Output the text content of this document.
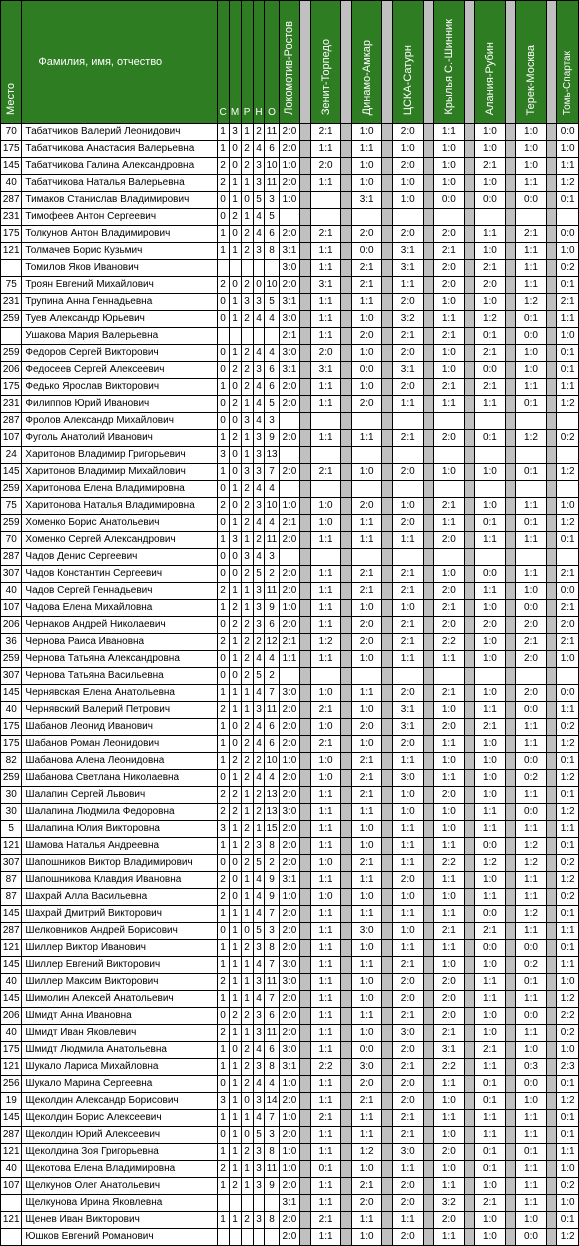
Место	Фамилия, имя, отчество	С	М	Р	Н	О	Локомотив-Ростов		Зенит-Торпедо		Динамо-Амкар		ЦСКА-Сатурн		Крылья С.-Шинник		Алания-Рубин		Терек-Москва		Томь-Спартак
70	Табатчиков Валерий Леонидович	1	3	1	2	11	2:0		2:1		1:0		2:0		1:1		1:0		1:0		0:0
175	Табатчикова Анастасия Валерьевна	1	0	2	4	6	2:0		1:1		1:1		1:0		1:0		1:0		1:0		1:0
145	Табатчикова Галина Александровна	2	0	2	3	10	1:0		2:0		1:0		2:0		1:0		2:1		1:0		1:1
40	Табатчикова Наталья Валерьевна	2	1	1	3	11	2:0		1:1		1:0		1:0		1:0		1:0		1:1		1:2
287	Тимаков Станислав Владимирович	0	1	0	5	3	1:0				3:1		1:0		0:0		0:0		0:0		0:1
231	Тимофеев Антон Сергеевич	0	2	1	4	5															
175	Толкунов Антон Владимирович	1	0	2	4	6	2:0		2:1		2:0		2:0		2:0		1:1		2:1		0:0
121	Толмачев Борис Кузьмич	1	1	2	3	8	3:1		1:1		0:0		3:1		2:1		1:0		1:1		1:0
	Томилов Яков Иванович						3:0		1:1		2:1		3:1		2:0		2:1		1:1		0:2
75	Троян Евгений Михайлович	2	0	2	0	10	2:0		3:1		2:1		1:1		2:0		2:0		1:1		0:1
231	Трупина Анна Геннадьевна	0	1	3	3	5	3:1		1:1		1:1		2:0		1:0		1:0		1:2		2:1
259	Туев Александр Юрьевич	0	1	2	4	4	3:0		1:1		1:0		3:2		1:1		1:2		0:1		1:1
	Ушакова Мария Валерьевна						2:1		1:1		2:0		2:1		2:1		0:1		0:0		1:0
259	Федоров Сергей Викторович	0	1	2	4	4	3:0		2:0		1:0		2:0		1:0		2:1		1:0		0:1
206	Федосеев Сергей Алексеевич	0	2	2	3	6	3:1		3:1		0:0		3:1		1:0		0:0		1:0		0:1
175	Федько Ярослав Викторович	1	0	2	4	6	2:0		1:1		1:0		2:0		2:1		2:1		1:1		1:1
231	Филиппов Юрий Иванович	0	2	1	4	5	2:0		1:1		2:0		1:1		1:1		1:1		0:1		1:2
287	Фролов Александр Михайлович	0	0	3	4	3															
107	Фуголь Анатолий Иванович	1	2	1	3	9	2:0		1:1		1:1		2:1		2:0		0:1		1:2		0:2
24	Харитонов Владимир Григорьевич	3	0	1	3	13															
145	Харитонов Владимир Михайлович	1	0	3	3	7	2:0		2:1		1:0		2:0		1:0		1:0		0:1		1:2
259	Харитонова Елена Владимировна	0	1	2	4	4															
75	Харитонова Наталья Владимировна	2	0	2	3	10	1:0		1:0		2:0		1:0		2:1		1:0		1:1		1:0
259	Хоменко Борис Анатольевич	0	1	2	4	4	2:1		1:0		1:1		2:0		1:1		0:1		0:1		1:2
70	Хоменко Сергей Александрович	1	3	1	2	11	2:0		1:1		1:1		1:1		2:0		1:1		1:1		0:1
287	Чадов Денис Сергеевич	0	0	3	4	3															
307	Чадов Константин Сергеевич	0	0	2	5	2	2:0		1:1		2:1		2:1		1:0		0:0		1:1		2:1
40	Чадов Сергей Геннадьевич	2	1	1	3	11	2:0		1:1		2:1		2:1		2:0		1:1		1:0		0:0
107	Чадова Елена Михайловна	1	2	1	3	9	1:0		1:1		1:0		1:0		2:1		1:0		0:0		2:1
206	Чернаков Андрей Николаевич	0	2	2	3	6	2:0		1:1		2:0		2:1		2:0		2:0		2:0		2:0
36	Чернова Раиса Ивановна	2	1	2	2	12	2:1		1:2		2:0		2:1		2:2		1:0		2:1		2:1
259	Чернова Татьяна Александровна	0	1	2	4	4	1:1		1:1		1:0		1:1		1:1		1:0		2:0		1:0
307	Чернова Татьяна Васильевна	0	0	2	5	2															
145	Чернявская Елена Анатольевна	1	1	1	4	7	3:0		1:0		1:1		2:0		2:1		1:0		2:0		0:0
40	Чернявский Валерий Петрович	2	1	1	3	11	2:0		2:1		1:0		3:1		1:0		1:1		0:0		1:1
175	Шабанов Леонид Иванович	1	0	2	4	6	2:0		1:0		2:0		3:1		2:0		2:1		1:1		0:2
175	Шабанов Роман Леонидович	1	0	2	4	6	2:0		2:1		1:0		2:0		1:1		1:0		1:1		1:2
82	Шабанова Алена Леонидовна	1	2	2	2	10	1:0		1:0		2:1		1:1		1:0		1:0		0:0		0:1
259	Шабанова Светлана Николаевна	0	1	2	4	4	2:0		1:0		2:1		3:0		1:1		1:0		0:2		1:2
30	Шалапин Сергей Львович	2	2	1	2	13	2:0		1:1		2:1		1:0		2:0		1:0		1:1		0:1
30	Шалапина Людмила Федоровна	2	2	1	2	13	3:0		1:1		1:1		1:0		1:0		1:1		0:0		1:2
5	Шалапина Юлия Викторовна	3	1	2	1	15	2:0		1:1		1:0		1:1		1:0		1:1		1:1		1:1
121	Шамова Наталья Андреевна	1	1	2	3	8	2:0		1:1		1:0		1:1		1:1		0:0		1:2		0:1
307	Шапошников Виктор Владимирович	0	0	2	5	2	2:0		1:0		2:1		1:1		2:2		1:2		1:2		0:2
87	Шапошникова Клавдия Ивановна	2	0	1	4	9	3:1		1:1		1:1		2:0		1:1		1:0		1:1		1:2
87	Шахрай Алла Васильевна	2	0	1	4	9	1:0		1:0		1:0		1:0		1:0		1:1		1:1		0:2
145	Шахрай Дмитрий Викторович	1	1	1	4	7	2:0		1:1		1:1		1:1		1:1		0:0		1:2		0:1
287	Шелковников Андрей Борисович	0	1	0	5	3	2:0		1:1		3:0		1:0		2:1		2:1		1:1		1:1
121	Шиллер Виктор Иванович	1	1	2	3	8	2:0		1:1		1:0		1:1		1:1		0:0		0:0		0:1
145	Шиллер Евгений Викторович	1	1	1	4	7	3:0		1:1		1:1		2:1		1:0		1:0		0:2		1:1
40	Шиллер Максим Викторович	2	1	1	3	11	3:0		1:1		1:0		2:0		2:0		1:1		0:1		1:0
145	Шимолин Алексей Анатольевич	1	1	1	4	7	2:0		1:1		1:0		2:0		2:0		1:1		1:1		1:2
206	Шмидт Анна Ивановна	0	2	2	3	6	2:0		1:1		1:1		2:1		2:0		1:0		0:0		2:2
40	Шмидт Иван Яковлевич	2	1	1	3	11	2:0		1:1		1:0		3:0		2:1		1:0		1:1		0:2
175	Шмидт Людмила Анатольевна	1	0	2	4	6	3:0		1:1		0:0		2:0		3:1		2:1		1:0		1:0
121	Шукало Лариса Михайловна	1	1	2	3	8	3:1		2:2		3:0		2:1		2:2		1:1		0:3		2:3
256	Шукало Марина Сергеевна	0	1	2	4	4	1:0		1:1		2:0		2:0		1:1		0:1		0:0		0:1
19	Щеколдин Александр Борисович	3	1	0	3	14	2:0		1:1		2:1		2:0		1:0		0:1		1:0		1:2
145	Щеколдин Борис Алексеевич	1	1	1	4	7	1:0		2:1		1:1		2:1		1:1		1:1		1:1		0:1
287	Щеколдин Юрий Алексеевич	0	1	0	5	3	2:0		1:1		1:1		2:1		1:0		1:1		1:1		0:1
121	Щеколдина Зоя Григорьевна	1	1	2	3	8	1:0		1:1		1:2		3:0		2:0		0:1		0:1		1:1
40	Щекотова Елена Владимировна	2	1	1	3	11	1:0		0:1		1:0		1:1		1:0		0:1		1:1		1:0
107	Щелкунов Олег Анатольевич	1	2	1	3	9	2:0		1:1		2:1		2:0		1:1		1:0		1:1		0:2
	Щелкунова Ирина Яковлевна						3:1		1:1		2:0		2:0		3:2		2:1		1:1		1:0
121	Щенев Иван Викторович	1	1	2	3	8	2:0		2:1		1:1		1:1		2:0		1:0		1:0		0:1
	Юшков Евгений Романович						2:0		1:1		1:0		2:0		1:1		1:0		0:0		1:2
